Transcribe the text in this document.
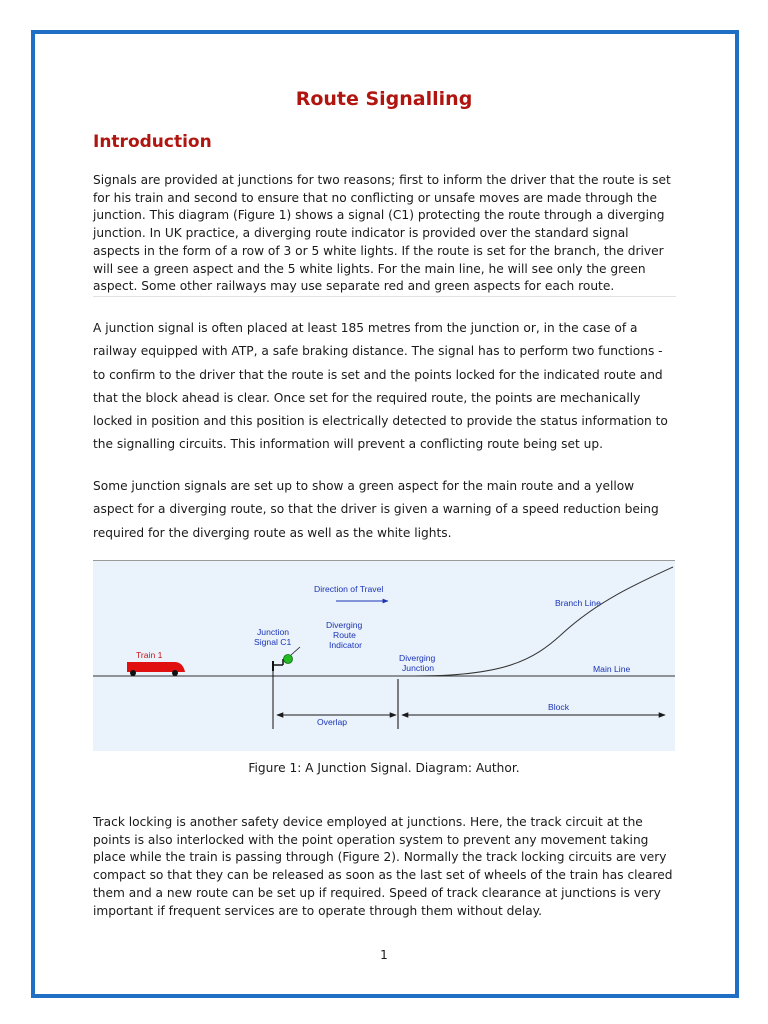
Route Signalling
Introduction
Signals are provided at junctions for two reasons; first to inform the driver that the route is set for his train and second to ensure that no conflicting or unsafe moves are made through the junction. This diagram (Figure 1) shows a signal (C1) protecting the route through a diverging junction. In UK practice, a diverging route indicator is provided over the standard signal aspects in the form of a row of 3 or 5 white lights. If the route is set for the branch, the driver will see a green aspect and the 5 white lights. For the main line, he will see only the green aspect. Some other railways may use separate red and green aspects for each route.
A junction signal is often placed at least 185 metres from the junction or, in the case of a railway equipped with ATP, a safe braking distance. The signal has to perform two functions - to confirm to the driver that the route is set and the points locked for the indicated route and that the block ahead is clear. Once set for the required route, the points are mechanically locked in position and this position is electrically detected to provide the status information to the signalling circuits. This information will prevent a conflicting route being set up.
Some junction signals are set up to show a green aspect for the main route and a yellow aspect for a diverging route, so that the driver is given a warning of a speed reduction being required for the diverging route as well as the white lights.
Direction of Travel
Branch Line
Main Line
Train 1
Junction
Signal C1
Diverging
Route
Indicator
Diverging
Junction
Overlap
Block
Figure 1: A Junction Signal. Diagram: Author.
Track locking is another safety device employed at junctions. Here, the track circuit at the points is also interlocked with the point operation system to prevent any movement taking place while the train is passing through (Figure 2). Normally the track locking circuits are very compact so that they can be released as soon as the last set of wheels of the train has cleared them and a new route can be set up if required. Speed of track clearance at junctions is very important if frequent services are to operate through them without delay.
1
